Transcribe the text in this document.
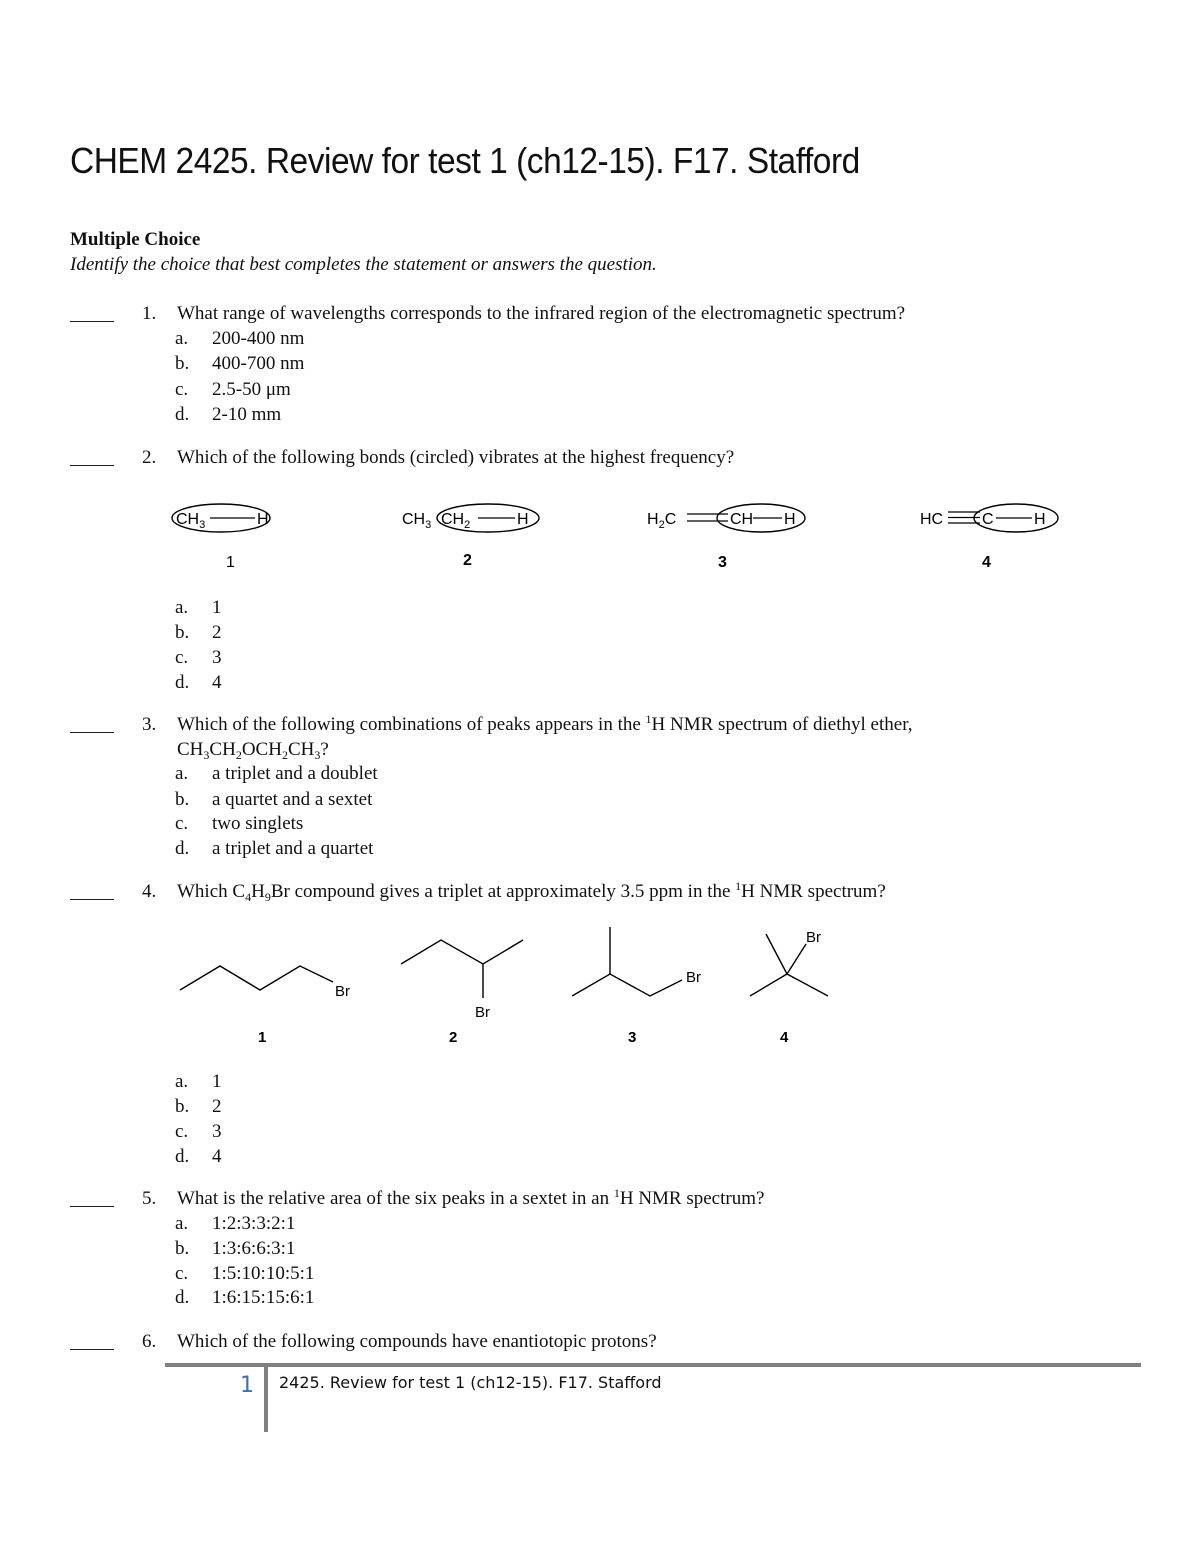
CHEM 2425. Review for test 1 (ch12-15). F17. Stafford
Multiple Choice
Identify the choice that best completes the statement or answers the question.
1. What range of wavelengths corresponds to the infrared region of the electromagnetic spectrum?
a. 200-400 nm
b. 400-700 nm
c. 2.5-50 μm
d. 2-10 mm
2. Which of the following bonds (circled) vibrates at the highest frequency?
$CH_3$	H
1
$CH_3$ $CH_2$	H
2
$H_2C$	CH H
3
HC C	H
4
a. 1
b. 2
c. 3
d. 4
3. Which of the following combinations of peaks appears in the $^1$H NMR spectrum of diethyl ether,
$CH_3CH_2OCH_2CH_3$?
a. a triplet and a doublet
b. a quartet and a sextet
c. two singlets
d. a triplet and a quartet
4. Which $C_4H_9Br$ compound gives a triplet at approximately 3.5 ppm in the $^1$H NMR spectrum?
Br
1
Br
2
Br
3
Br
4
a. 1
b. 2
c. 3
d. 4
5. What is the relative area of the six peaks in a sextet in an $^1$H NMR spectrum?
a. 1:2:3:3:2:1
b. 1:3:6:6:3:1
c. 1:5:10:10:5:1
d. 1:6:15:15:6:1
6. Which of the following compounds have enantiotopic protons?
1 2425. Review for test 1 (ch12-15). F17. Stafford
